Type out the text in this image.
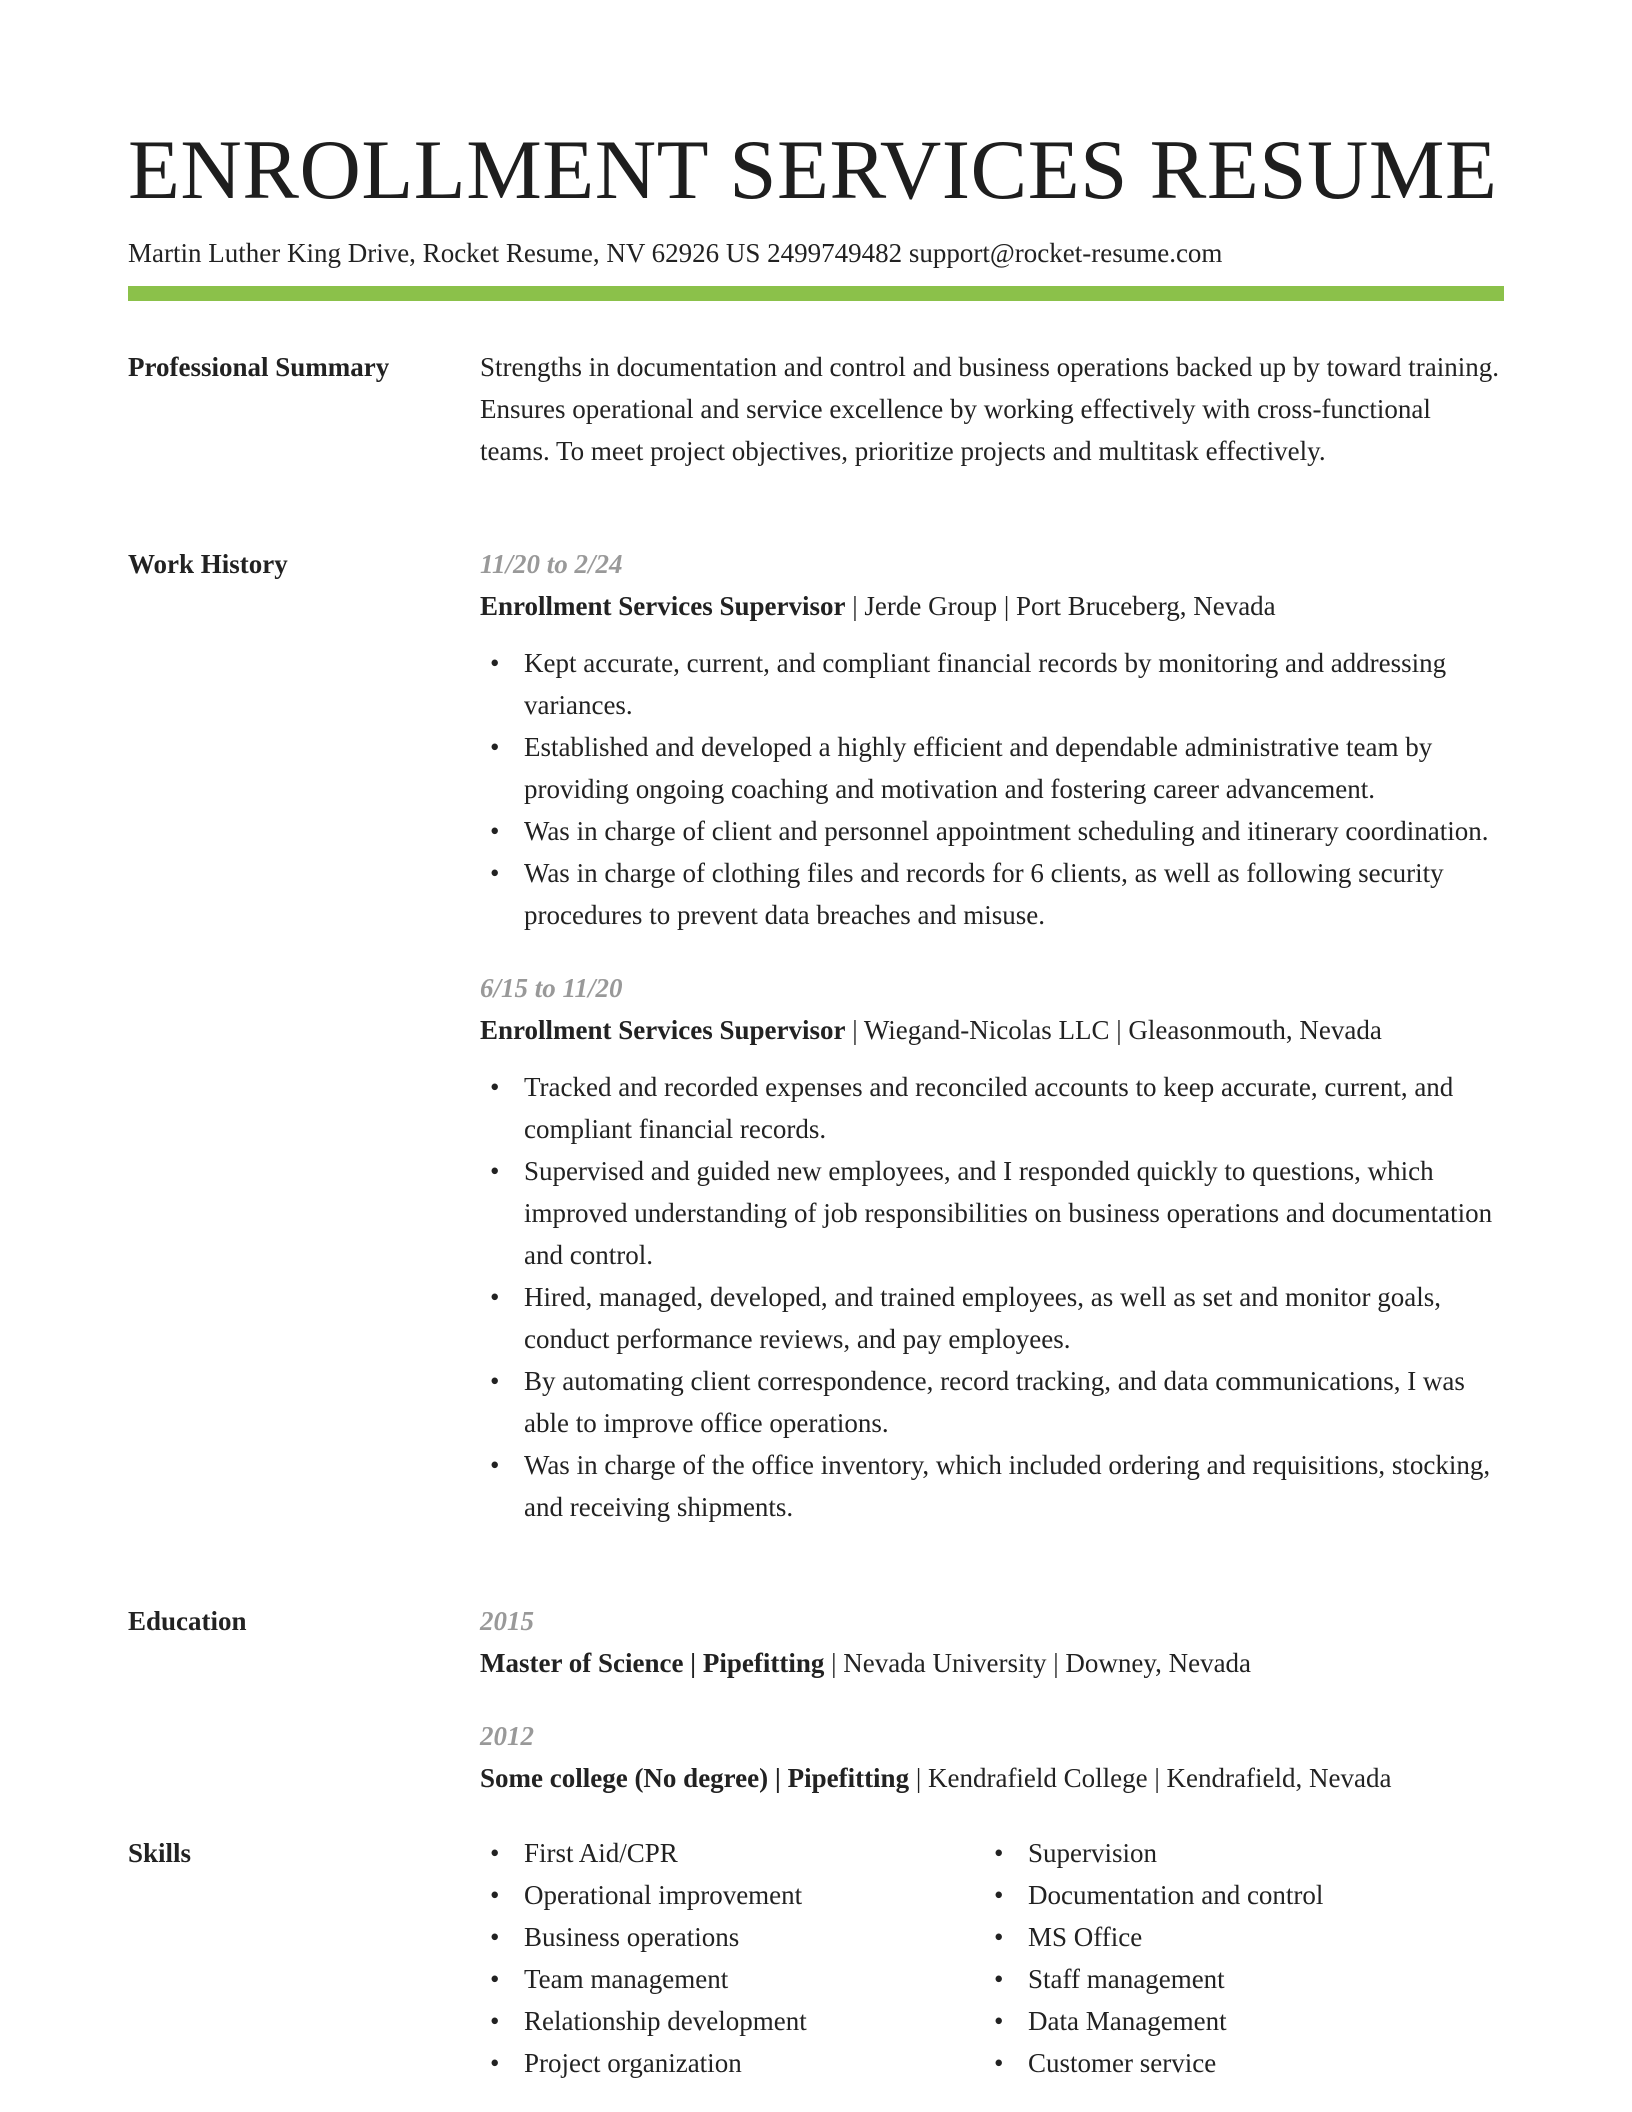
ENROLLMENT SERVICES RESUME
Martin Luther King Drive, Rocket Resume, NV 62926 US 2499749482 support@rocket-resume.com
Professional Summary	Strengths in documentation and control and business operations backed up by toward training. Ensures operational and service excellence by working effectively with cross-functional teams. To meet project objectives, prioritize projects and multitask effectively.

Work History	11/20 to 2/24

Enrollment Services Supervisor | Jerde Group | Port Bruceberg, Nevada

• Kept accurate, current, and compliant financial records by monitoring and addressing variances.
• Established and developed a highly efficient and dependable administrative team by providing ongoing coaching and motivation and fostering career advancement.
• Was in charge of client and personnel appointment scheduling and itinerary coordination.
• Was in charge of clothing files and records for 6 clients, as well as following security procedures to prevent data breaches and misuse.
6/15 to 11/20

Enrollment Services Supervisor | Wiegand-Nicolas LLC | Gleasonmouth, Nevada

• Tracked and recorded expenses and reconciled accounts to keep accurate, current, and compliant financial records.
• Supervised and guided new employees, and I responded quickly to questions, which improved understanding of job responsibilities on business operations and documentation and control.
• Hired, managed, developed, and trained employees, as well as set and monitor goals, conduct performance reviews, and pay employees.
• By automating client correspondence, record tracking, and data communications, I was able to improve office operations.
• Was in charge of the office inventory, which included ordering and requisitions, stocking, and receiving shipments.
Education	2015

Master of Science | Pipefitting | Nevada University | Downey, Nevada

2012

Some college (No degree) | Pipefitting | Kendrafield College | Kendrafield, Nevada

Skills
•	First Aid/CPR
• Operational improvement
• Business operations
• Team management
• Relationship development
• Project organization
• Supervision
• Documentation and control
• MS Office
• Staff management
• Data Management
• Customer service
